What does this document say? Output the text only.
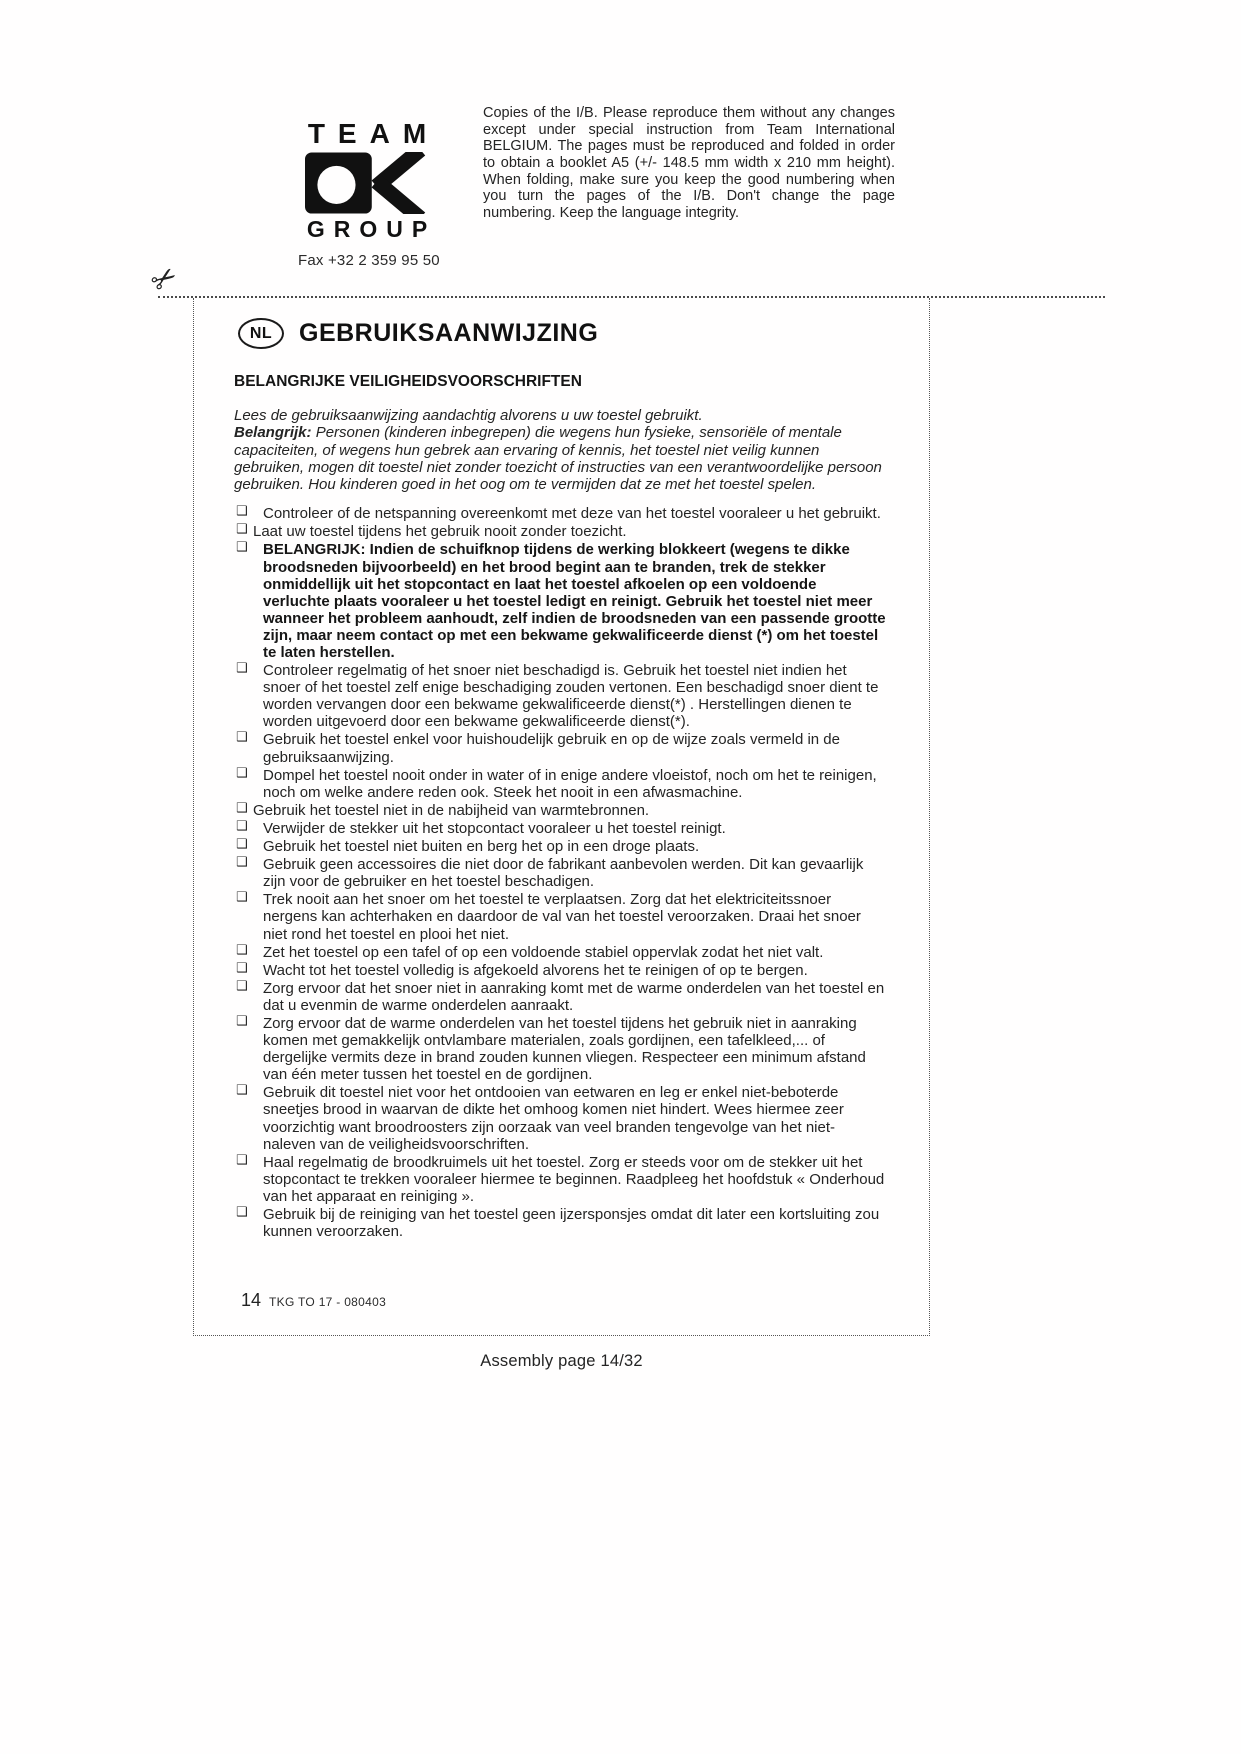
TEAM
GROUP
Fax +32 2 359 95 50
Copies of the I/B. Please reproduce them without any changes except under special instruction from Team International BELGIUM. The pages must be reproduced and folded in order to obtain a booklet A5 (+/- 148.5 mm width x 210 mm height). When folding, make sure you keep the good numbering when you turn the pages of the I/B. Don't change the page numbering. Keep the language integrity.
✂
NL	GEBRUIKSAANWIJZING
BELANGRIJKE VEILIGHEIDSVOORSCHRIFTEN
Lees de gebruiksaanwijzing aandachtig alvorens u uw toestel gebruikt.
Belangrijk: Personen (kinderen inbegrepen) die wegens hun fysieke, sensoriële of mentale capaciteiten, of wegens hun gebrek aan ervaring of kennis, het toestel niet veilig kunnen gebruiken, mogen dit toestel niet zonder toezicht of instructies van een verantwoordelijke persoon gebruiken. Hou kinderen goed in het oog om te vermijden dat ze met het toestel spelen.
❑ Controleer of de netspanning overeenkomt met deze van het toestel vooraleer u het gebruikt.
❑ Laat uw toestel tijdens het gebruik nooit zonder toezicht.
❑ BELANGRIJK: Indien de schuifknop tijdens de werking blokkeert (wegens te dikke broodsneden bijvoorbeeld) en het brood begint aan te branden, trek de stekker onmiddellijk uit het stopcontact en laat het toestel afkoelen op een voldoende verluchte plaats vooraleer u het toestel ledigt en reinigt. Gebruik het toestel niet meer wanneer het probleem aanhoudt, zelf indien de broodsneden van een passende grootte zijn, maar neem contact op met een bekwame gekwalificeerde dienst (*) om het toestel te laten herstellen.
❑ Controleer regelmatig of het snoer niet beschadigd is. Gebruik het toestel niet indien het snoer of het toestel zelf enige beschadiging zouden vertonen. Een beschadigd snoer dient te worden vervangen door een bekwame gekwalificeerde dienst(*) . Herstellingen dienen te worden uitgevoerd door een bekwame gekwalificeerde dienst(*).
❑ Gebruik het toestel enkel voor huishoudelijk gebruik en op de wijze zoals vermeld in de gebruiksaanwijzing.
❑ Dompel het toestel nooit onder in water of in enige andere vloeistof, noch om het te reinigen, noch om welke andere reden ook. Steek het nooit in een afwasmachine.
❑ Gebruik het toestel niet in de nabijheid van warmtebronnen.
❑ Verwijder de stekker uit het stopcontact vooraleer u het toestel reinigt.
❑ Gebruik het toestel niet buiten en berg het op in een droge plaats.
❑ Gebruik geen accessoires die niet door de fabrikant aanbevolen werden. Dit kan gevaarlijk zijn voor de gebruiker en het toestel beschadigen.
❑ Trek nooit aan het snoer om het toestel te verplaatsen. Zorg dat het elektriciteitssnoer nergens kan achterhaken en daardoor de val van het toestel veroorzaken. Draai het snoer niet rond het toestel en plooi het niet.
❑ Zet het toestel op een tafel of op een voldoende stabiel oppervlak zodat het niet valt.
❑ Wacht tot het toestel volledig is afgekoeld alvorens het te reinigen of op te bergen.
❑ Zorg ervoor dat het snoer niet in aanraking komt met de warme onderdelen van het toestel en dat u evenmin de warme onderdelen aanraakt.
❑ Zorg ervoor dat de warme onderdelen van het toestel tijdens het gebruik niet in aanraking komen met gemakkelijk ontvlambare materialen, zoals gordijnen, een tafelkleed,... of dergelijke vermits deze in brand zouden kunnen vliegen. Respecteer een minimum afstand van één meter tussen het toestel en de gordijnen.
❑ Gebruik dit toestel niet voor het ontdooien van eetwaren en leg er enkel niet-beboterde sneetjes brood in waarvan de dikte het omhoog komen niet hindert. Wees hiermee zeer voorzichtig want broodroosters zijn oorzaak van veel branden tengevolge van het niet-naleven van de veiligheidsvoorschriften.
❑ Haal regelmatig de broodkruimels uit het toestel. Zorg er steeds voor om de stekker uit het stopcontact te trekken vooraleer hiermee te beginnen. Raadpleeg het hoofdstuk « Onderhoud van het apparaat en reiniging ».
❑ Gebruik bij de reiniging van het toestel geen ijzersponsjes omdat dit later een kortsluiting zou kunnen veroorzaken.
14 TKG TO 17 - 080403
Assembly page 14/32
